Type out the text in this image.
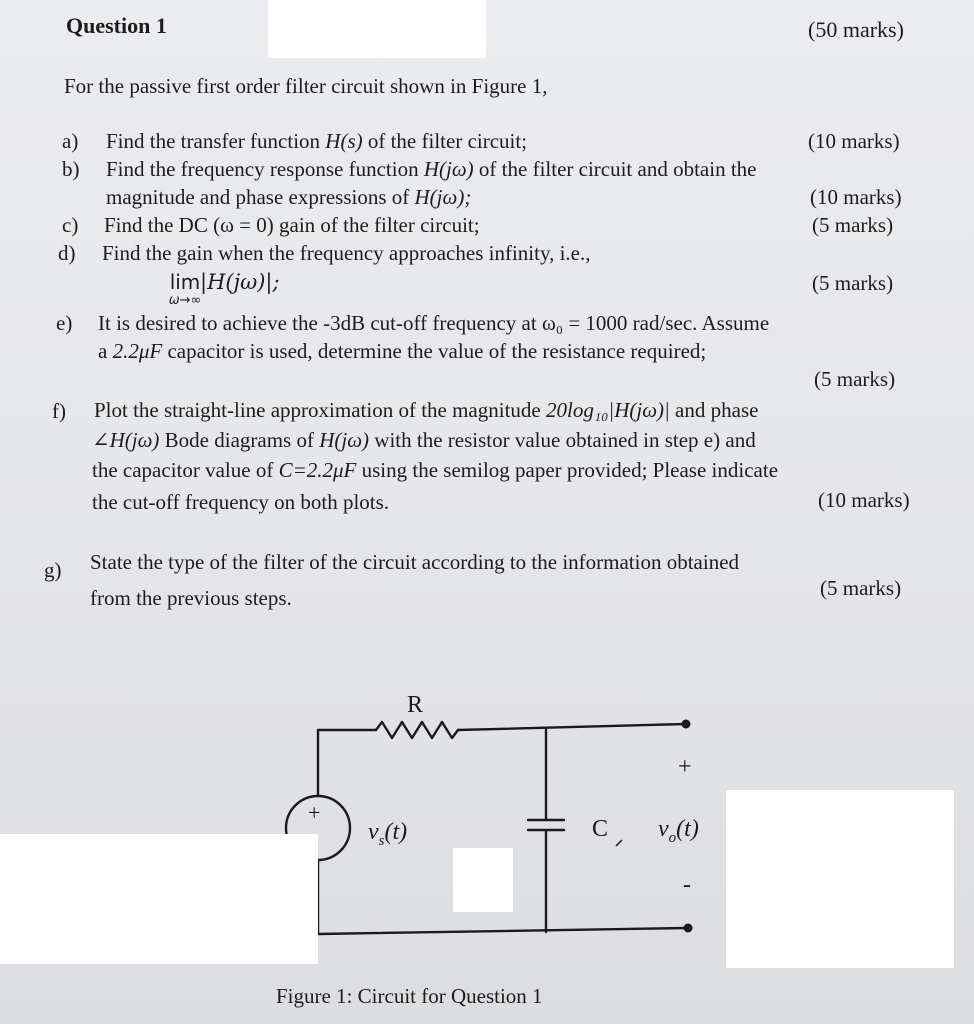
Question 1	(50 marks)
For the passive first order filter circuit shown in Figure 1,
a) Find the transfer function H(s) of the filter circuit;	(10 marks)
b) Find the frequency response function H(jω) of the filter circuit and obtain the
magnitude and phase expressions of H(jω);	(10 marks)
c) Find the DC (ω = 0) gain of the filter circuit;	(5 marks)
d) Find the gain when the frequency approaches infinity, i.e.,
lim
ω→∞
|H(jω)|;	(5 marks)
e) It is desired to achieve the -3dB cut-off frequency at ω₀ = 1000 rad/sec. Assume
a 2.2μF capacitor is used, determine the value of the resistance required;
(5 marks)
f) Plot the straight-line approximation of the magnitude 20log₁₀|H(jω)| and phase
∠H(jω) Bode diagrams of H(jω) with the resistor value obtained in step e) and
the capacitor value of C=2.2μF using the semilog paper provided; Please indicate
the cut-off frequency on both plots.	(10 marks)
g) State the type of the filter of the circuit according to the information obtained
from the previous steps.	(5 marks)
R
+
$v_s(t)$	C
+
$v_o(t)$
-
Figure 1: Circuit for Question 1
